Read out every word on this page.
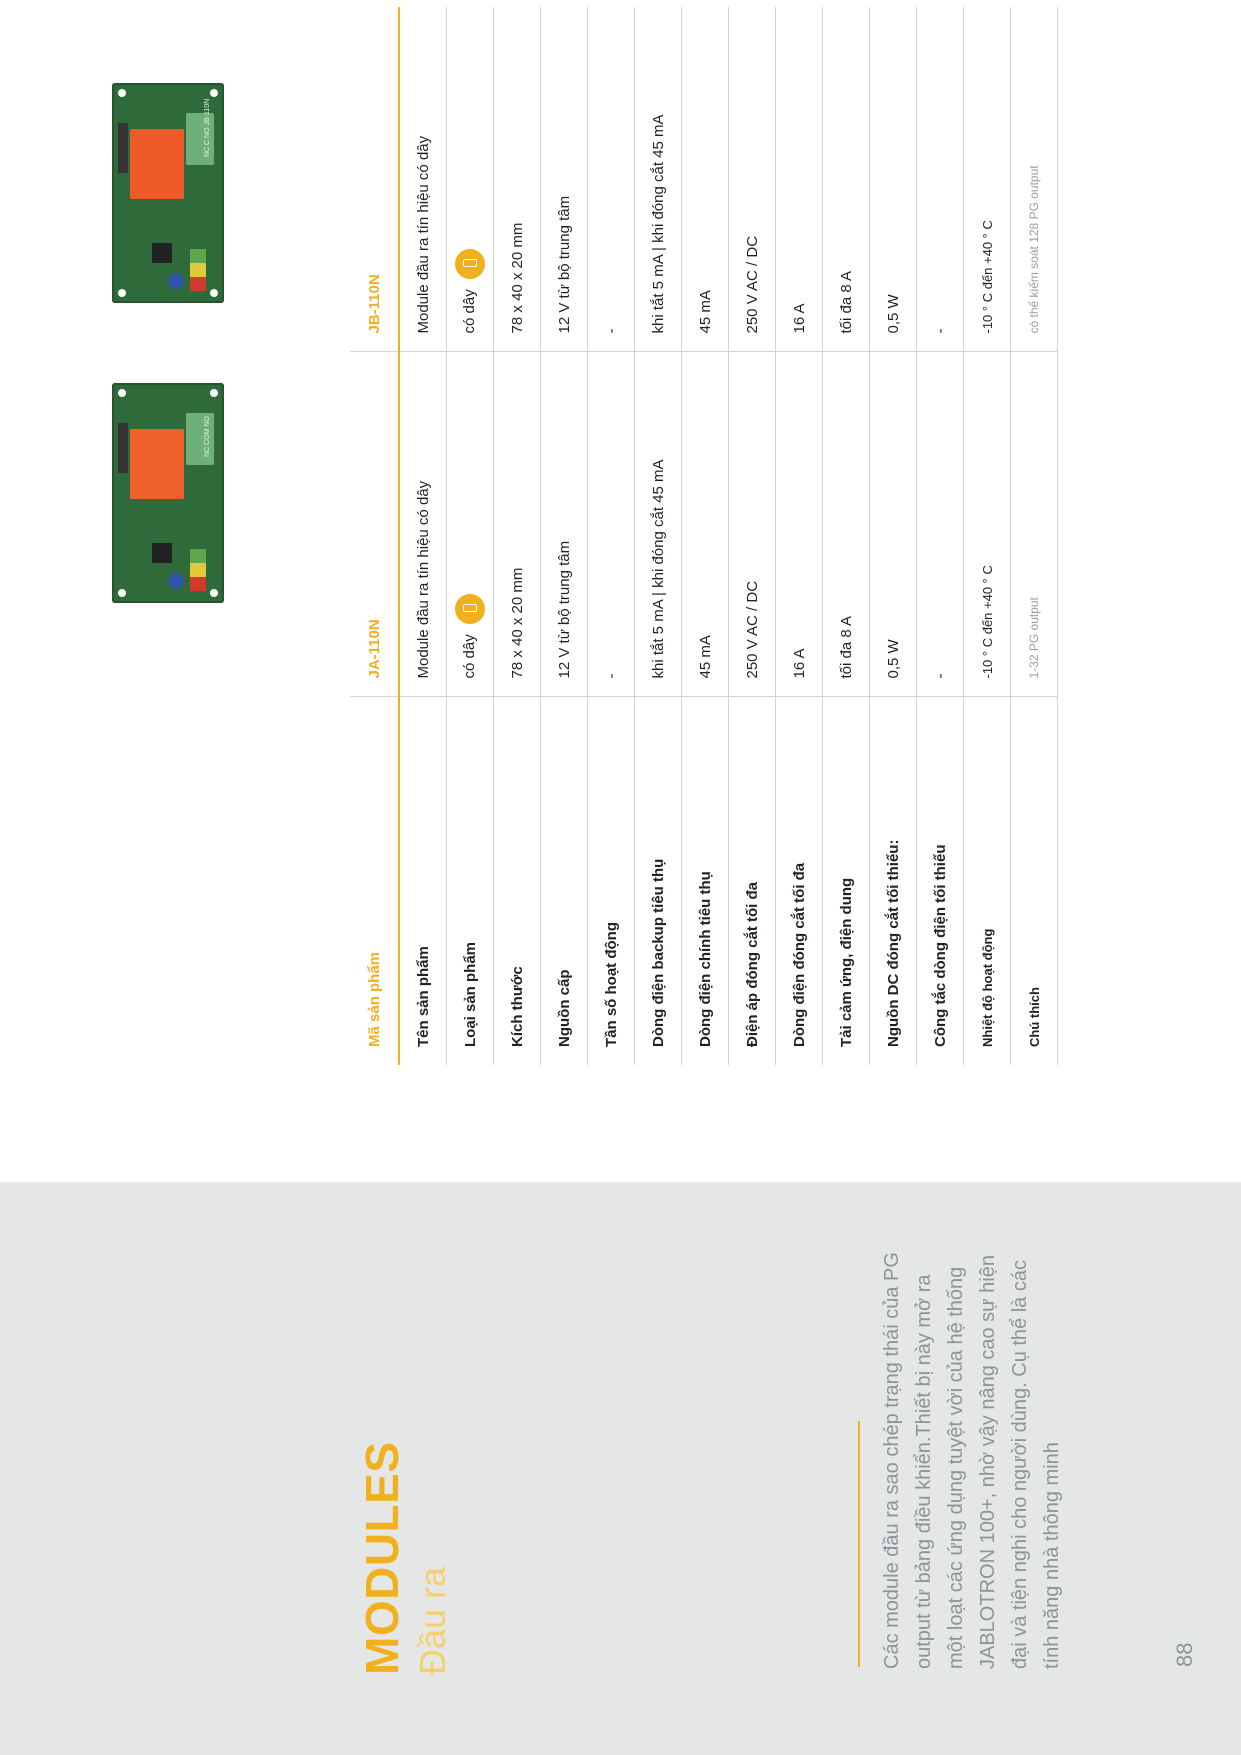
MODULES Đầu ra	Các module đầu ra sao chép trạng thái của PG output từ bảng điều khiển.Thiết bị này mở ra một loạt các ứng dụng tuyệt vời của hệ thống JABLOTRON 100+, nhờ vậy nâng cao sự hiện đại và tiện nghi cho người dùng. Cụ thể là các tính năng nhà thông minh	88
NC COM NO
NC C NO JB-110N
Mã sản phẩm	JA-110N	JB-110N
Tên sản phẩm	Module đầu ra tín hiệu có dây	Module đầu ra tín hiệu có dây
Loại sản phẩm	có dây	có dây
Kích thước	78 x 40 x 20 mm	78 x 40 x 20 mm
Nguồn cấp	12 V từ bộ trung tâm	12 V từ bộ trung tâm
Tần số hoạt động	-	-
Dòng điện backup tiêu thụ	khi tắt 5 mA | khi đóng cắt 45 mA	khi tắt 5 mA | khi đóng cắt 45 mA
Dòng điện chính tiêu thụ	45 mA	45 mA
Điện áp đóng cắt tối đa	250 V AC / DC	250 V AC / DC
Dòng điện đóng cắt tối đa	16 A	16 A
Tải cảm ứng, điện dung	tối đa 8 A	tối đa 8 A
Nguồn DC đóng cắt tối thiểu:	0,5 W	0,5 W
Công tắc dòng điện tối thiểu	-	-
Nhiệt độ hoạt động	-10 ° C đến +40 ° C	-10 ° C đến +40 ° C
Chú thích	1-32 PG output	có thể kiểm soát 128 PG output
